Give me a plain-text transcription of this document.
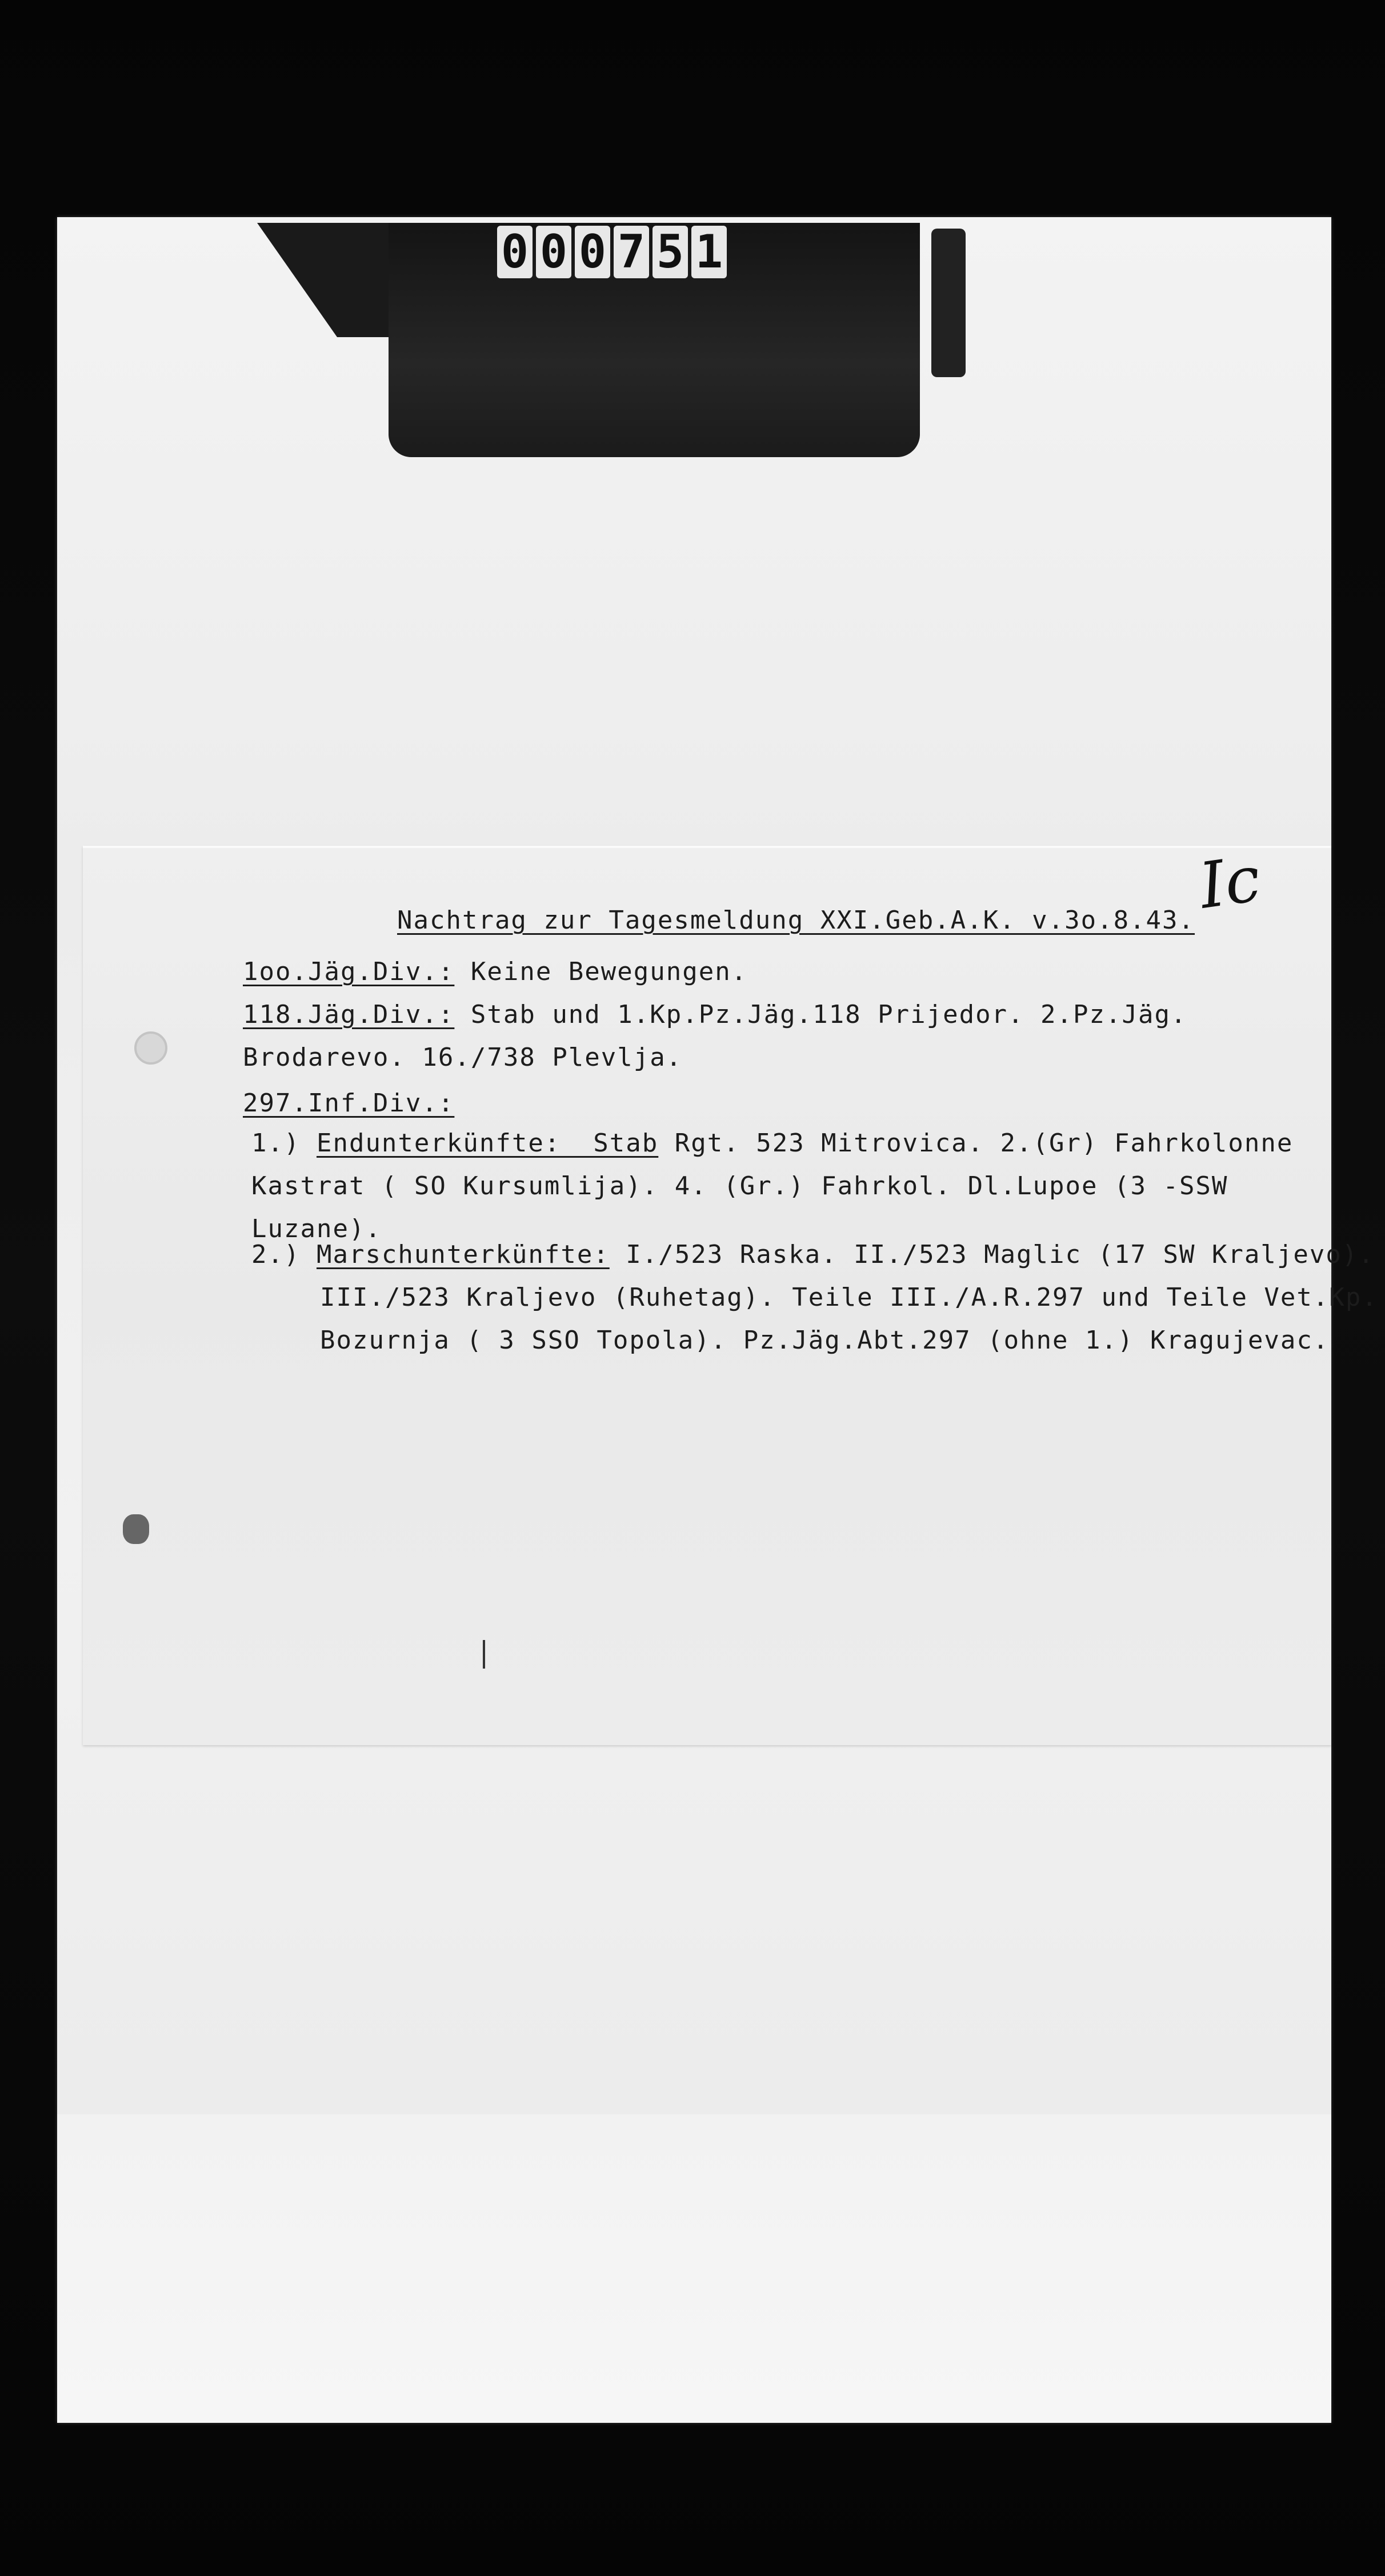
0 0 0 7 5 1
Ic
Nachtrag zur Tagesmeldung XXI.Geb.A.K. v.3o.8.43.
1oo.Jäg.Div.: Keine Bewegungen.
118.Jäg.Div.: Stab und 1.Kp.Pz.Jäg.118 Prijedor. 2.Pz.Jäg.
Brodarevo. 16./738 Plevlja.
297.Inf.Div.:
1.) Endunterkünfte:  Stab Rgt. 523 Mitrovica. 2.(Gr) Fahrkolonne
Kastrat ( SO Kursumlija). 4. (Gr.) Fahrkol. Dl.Lupoe (3 -SSW
Luzane).
2.) Marschunterkünfte: I./523 Raska. II./523 Maglic (17 SW Kraljevo).
III./523 Kraljevo (Ruhetag). Teile III./A.R.297 und Teile Vet.Kp.
Bozurnja ( 3 SSO Topola). Pz.Jäg.Abt.297 (ohne 1.) Kragujevac.
